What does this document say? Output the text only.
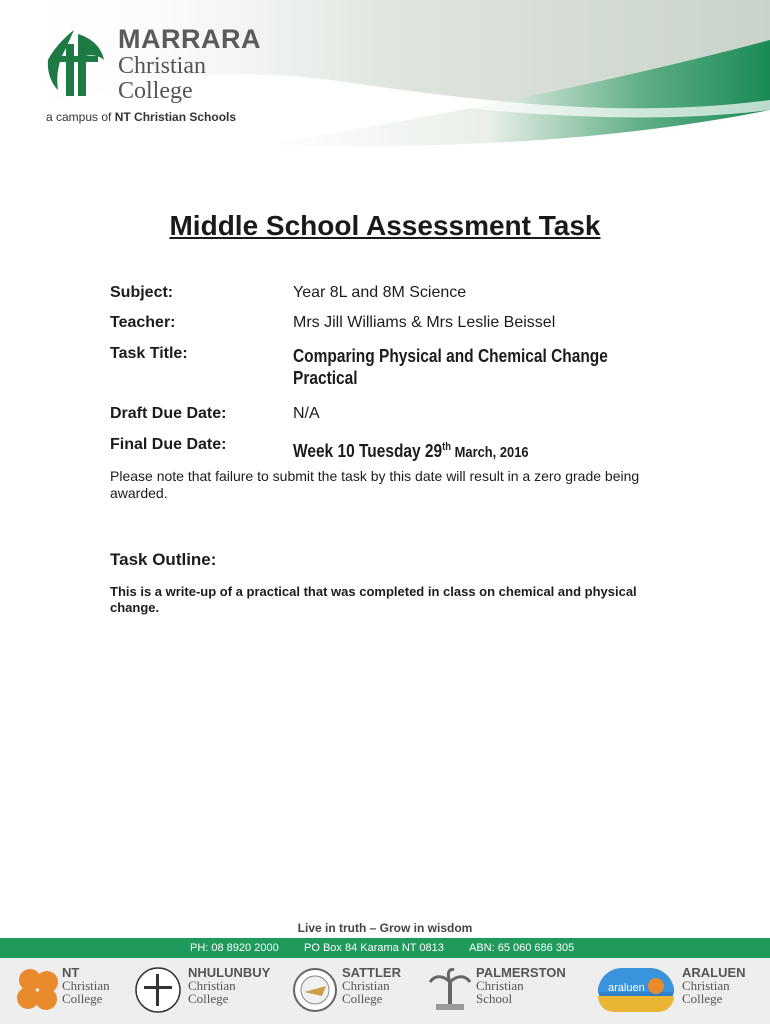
MARRARA
Christian
College
a campus of NT Christian Schools
Middle School Assessment Task
Subject:	Year 8L and 8M Science
Teacher:	Mrs Jill Williams & Mrs Leslie Beissel
Task Title:	Comparing Physical and Chemical Change Practical
Draft Due Date:	N/A
Final Due Date:	Week 10 Tuesday 29th March, 2016
Please note that failure to submit the task by this date will result in a zero grade being awarded.
Task Outline:
This is a write-up of a practical that was completed in class on chemical and physical change.
Live in truth – Grow in wisdom
PH: 08 8920 2000 PO Box 84 Karama NT 0813 ABN: 65 060 686 305
NT
Christian
College
NHULUNBUY
Christian
College
SATTLER
Christian
College
PALMERSTON
Christian
School
araluen
ARALUEN
Christian
College
